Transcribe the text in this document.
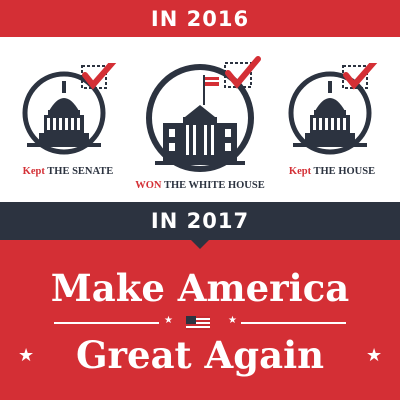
IN 2016
Kept THE SENATE
WON THE WHITE HOUSE
Kept THE HOUSE
IN 2017
Make America
★	★
Great Again
★	★
